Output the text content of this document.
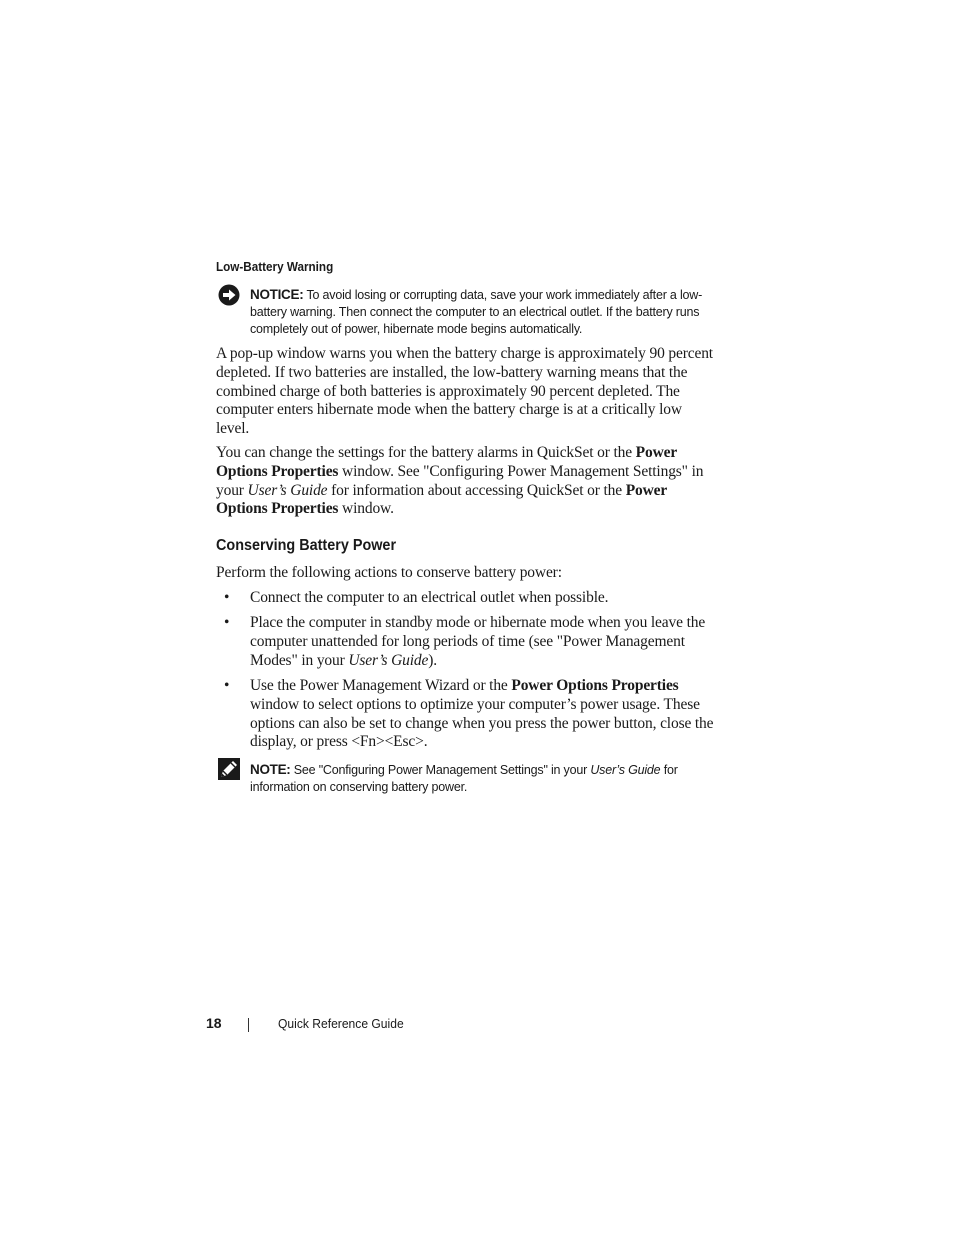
Low-Battery Warning
NOTICE: To avoid losing or corrupting data, save your work immediately after a low-battery warning. Then connect the computer to an electrical outlet. If the battery runs completely out of power, hibernate mode begins automatically.

A pop-up window warns you when the battery charge is approximately 90 percent depleted. If two batteries are installed, the low-battery warning means that the combined charge of both batteries is approximately 90 percent depleted. The computer enters hibernate mode when the battery charge is at a critically low level.

You can change the settings for the battery alarms in QuickSet or the Power Options Properties window. See "Configuring Power Management Settings" in your User’s Guide for information about accessing QuickSet or the Power Options Properties window.

Conserving Battery Power

Perform the following actions to conserve battery power:

• Connect the computer to an electrical outlet when possible.
• Place the computer in standby mode or hibernate mode when you leave the computer unattended for long periods of time (see "Power Management Modes" in your User’s Guide).
• Use the Power Management Wizard or the Power Options Properties window to select options to optimize your computer’s power usage. These options can also be set to change when you press the power button, close the display, or press <Fn><Esc>.
NOTE: See "Configuring Power Management Settings" in your User’s Guide for information on conserving battery power.
18	Quick Reference Guide
